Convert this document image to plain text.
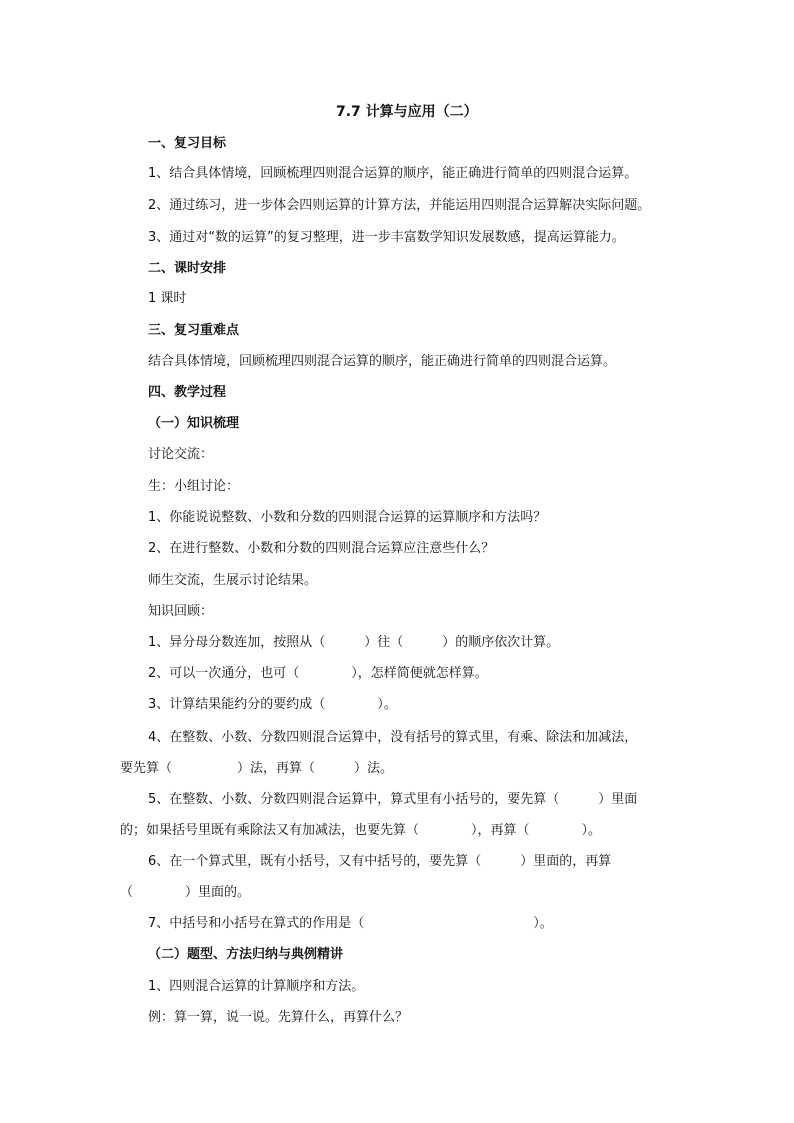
7.7 计算与应用（二）
一、复习目标
1、结合具体情境，回顾梳理四则混合运算的顺序，能正确进行简单的四则混合运算。
2、通过练习，进一步体会四则运算的计算方法，并能运用四则混合运算解决实际问题。
3、通过对“数的运算”的复习整理，进一步丰富数学知识发展数感，提高运算能力。
二、课时安排
1 课时
三、复习重难点
结合具体情境，回顾梳理四则混合运算的顺序，能正确进行简单的四则混合运算。
四、教学过程
（一）知识梳理
讨论交流：
生：小组讨论：
1、你能说说整数、小数和分数的四则混合运算的运算顺序和方法吗？
2、在进行整数、小数和分数的四则混合运算应注意些什么？
师生交流，生展示讨论结果。
知识回顾：
1、异分母分数连加，按照从（　　　）往（　　　）的顺序依次计算。
2、可以一次通分，也可（　　　　），怎样简便就怎样算。
3、计算结果能约分的要约成（　　　　）。
4、在整数、小数、分数四则混合运算中，没有括号的算式里，有乘、除法和加减法，
要先算（　　　　　）法，再算（　　　）法。
5、在整数、小数、分数四则混合运算中，算式里有小括号的，要先算（　　　）里面
的；如果括号里既有乘除法又有加减法，也要先算（　　　　），再算（　　　　）。
6、在一个算式里，既有小括号，又有中括号的，要先算（　　　）里面的，再算
（　　　　）里面的。
7、中括号和小括号在算式的作用是（　　　　　　　　　　　　　）。
（二）题型、方法归纳与典例精讲
1、四则混合运算的计算顺序和方法。
例：算一算，说一说。先算什么，再算什么？
